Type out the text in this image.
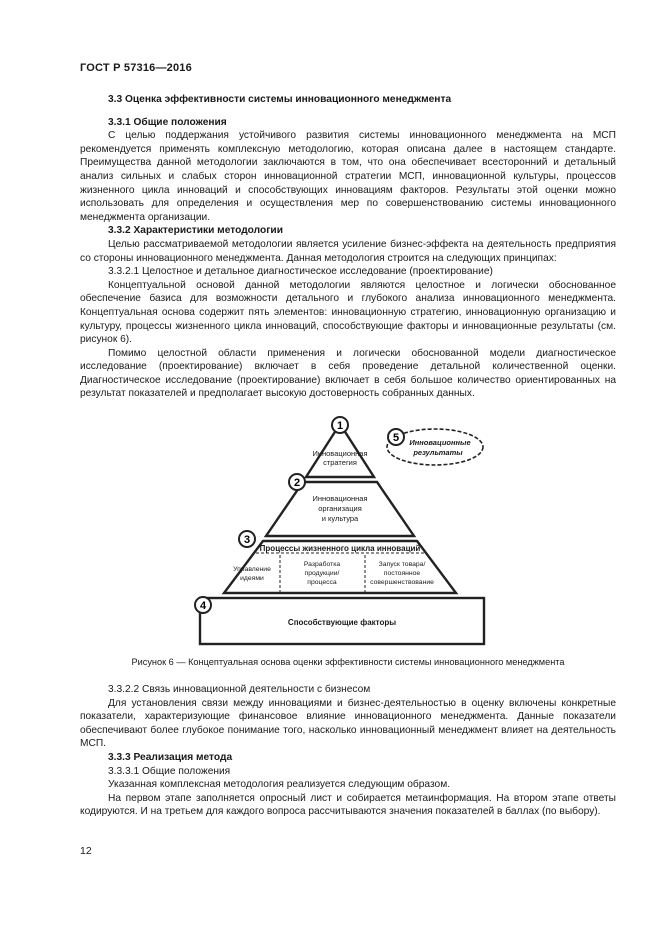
ГОСТ Р 57316—2016

3.3 Оценка эффективности системы инновационного менеджмента

3.3.1 Общие положения

С целью поддержания устойчивого развития системы инновационного менеджмента на МСП рекомендуется применять комплексную методологию, которая описана далее в настоящем стандарте. Преимущества данной методологии заключаются в том, что она обеспечивает всесторонний и детальный анализ сильных и слабых сторон инновационной стратегии МСП, инновационной культуры, процессов жизненного цикла инноваций и способствующих инновациям факторов. Результаты этой оценки можно использовать для определения и осуществления мер по совершенствованию системы инновационного менеджмента организации.

3.3.2 Характеристики методологии

Целью рассматриваемой методологии является усиление бизнес-эффекта на деятельность предприятия со стороны инновационного менеджмента. Данная методология строится на следующих принципах:

3.3.2.1 Целостное и детальное диагностическое исследование (проектирование)

Концептуальной основой данной методологии являются целостное и логически обоснованное обеспечение базиса для возможности детального и глубокого анализа инновационного менеджмента. Концептуальная основа содержит пять элементов: инновационную стратегию, инновационную организацию и культуру, процессы жизненного цикла инноваций, способствующие факторы и инновационные результаты (см. рисунок 6).

Помимо целостной области применения и логически обоснованной модели диагностическое исследование (проектирование) включает в себя проведение детальной количественной оценки. Диагностическое исследование (проектирование) включает в себя большое количество ориентированных на результат показателей и предполагает высокую достоверность собранных данных.

1
2
3
4
5
Инновационная
стратегия
Инновационная
организация
и культура
Процессы жизненного цикла инноваций
Управление
идеями
Разработка
продукции/
процесса
Запуск товара/
постоянное
совершенствование
Способствующие факторы
Инновационные
результаты
Рисунок 6 — Концептуальная основа оценки эффективности системы инновационного менеджмента

3.3.2.2 Связь инновационной деятельности с бизнесом

Для установления связи между инновациями и бизнес-деятельностью в оценку включены конкретные показатели, характеризующие финансовое влияние инновационного менеджмента. Данные показатели обеспечивают более глубокое понимание того, насколько инновационный менеджмент влияет на деятельность МСП.

3.3.3 Реализация метода

3.3.3.1 Общие положения

Указанная комплексная методология реализуется следующим образом.

На первом этапе заполняется опросный лист и собирается метаинформация. На втором этапе ответы кодируются. И на третьем для каждого вопроса рассчитываются значения показателей в баллах (по выбору).

12
